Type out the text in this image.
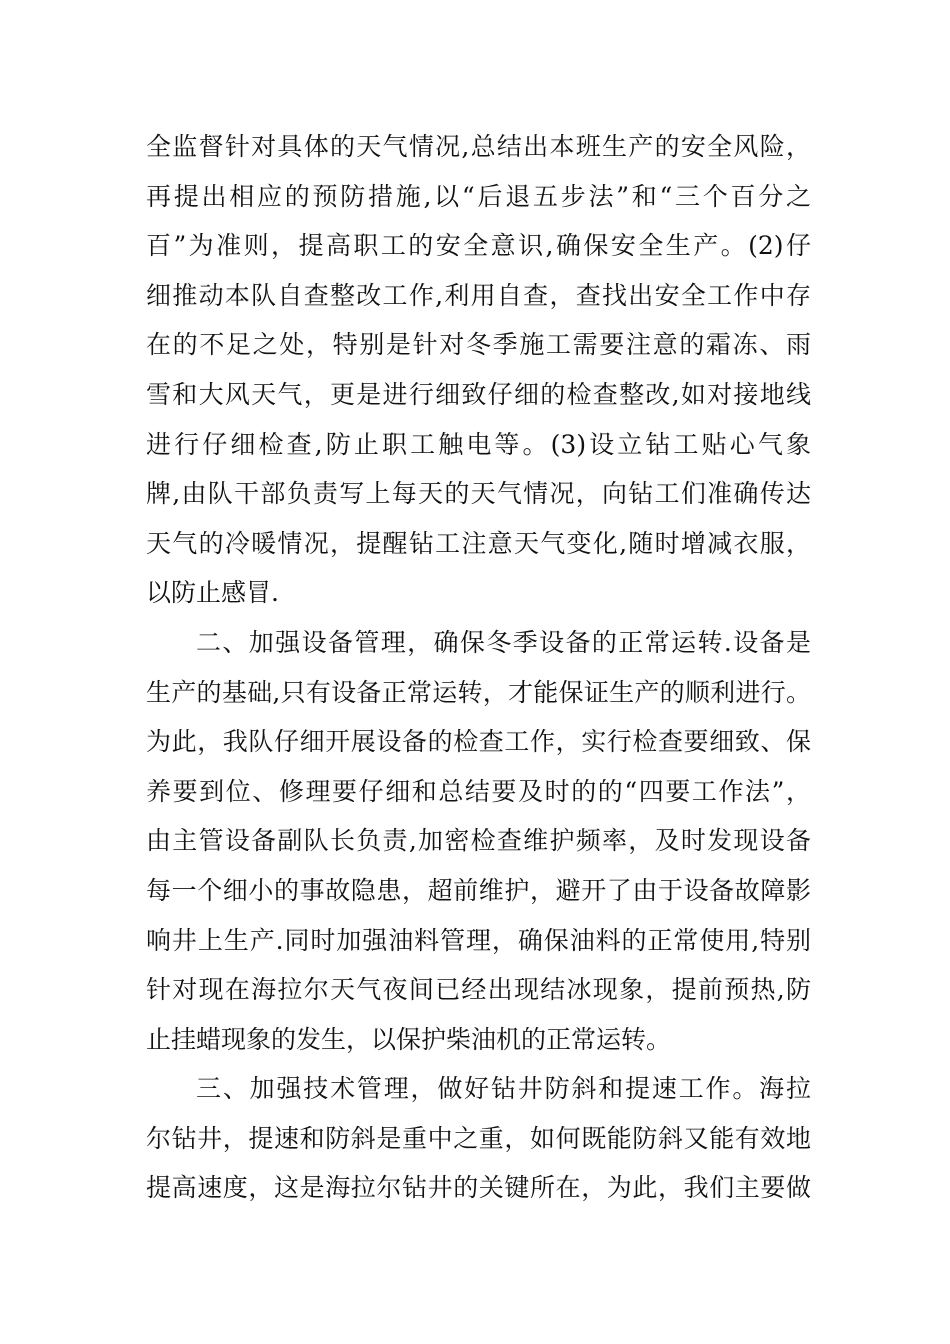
全监督针对具体的天气情况,总结出本班生产的安全风险，
再提出相应的预防措施,以“后退五步法”和“三个百分之
百”为准则，提高职工的安全意识,确保安全生产。(2)仔
细推动本队自查整改工作,利用自查，查找出安全工作中存
在的不足之处，特别是针对冬季施工需要注意的霜冻、雨
雪和大风天气，更是进行细致仔细的检查整改,如对接地线
进行仔细检查,防止职工触电等。(3)设立钻工贴心气象
牌,由队干部负责写上每天的天气情况，向钻工们准确传达
天气的冷暖情况，提醒钻工注意天气变化,随时增减衣服，
以防止感冒.
二、加强设备管理，确保冬季设备的正常运转.设备是
生产的基础,只有设备正常运转，才能保证生产的顺利进行。
为此，我队仔细开展设备的检查工作，实行检查要细致、保
养要到位、修理要仔细和总结要及时的的“四要工作法”，
由主管设备副队长负责,加密检查维护频率，及时发现设备
每一个细小的事故隐患，超前维护，避开了由于设备故障影
响井上生产.同时加强油料管理，确保油料的正常使用,特别
针对现在海拉尔天气夜间已经出现结冰现象，提前预热,防
止挂蜡现象的发生，以保护柴油机的正常运转。
三、加强技术管理，做好钻井防斜和提速工作。海拉
尔钻井，提速和防斜是重中之重，如何既能防斜又能有效地
提高速度，这是海拉尔钻井的关键所在，为此，我们主要做
